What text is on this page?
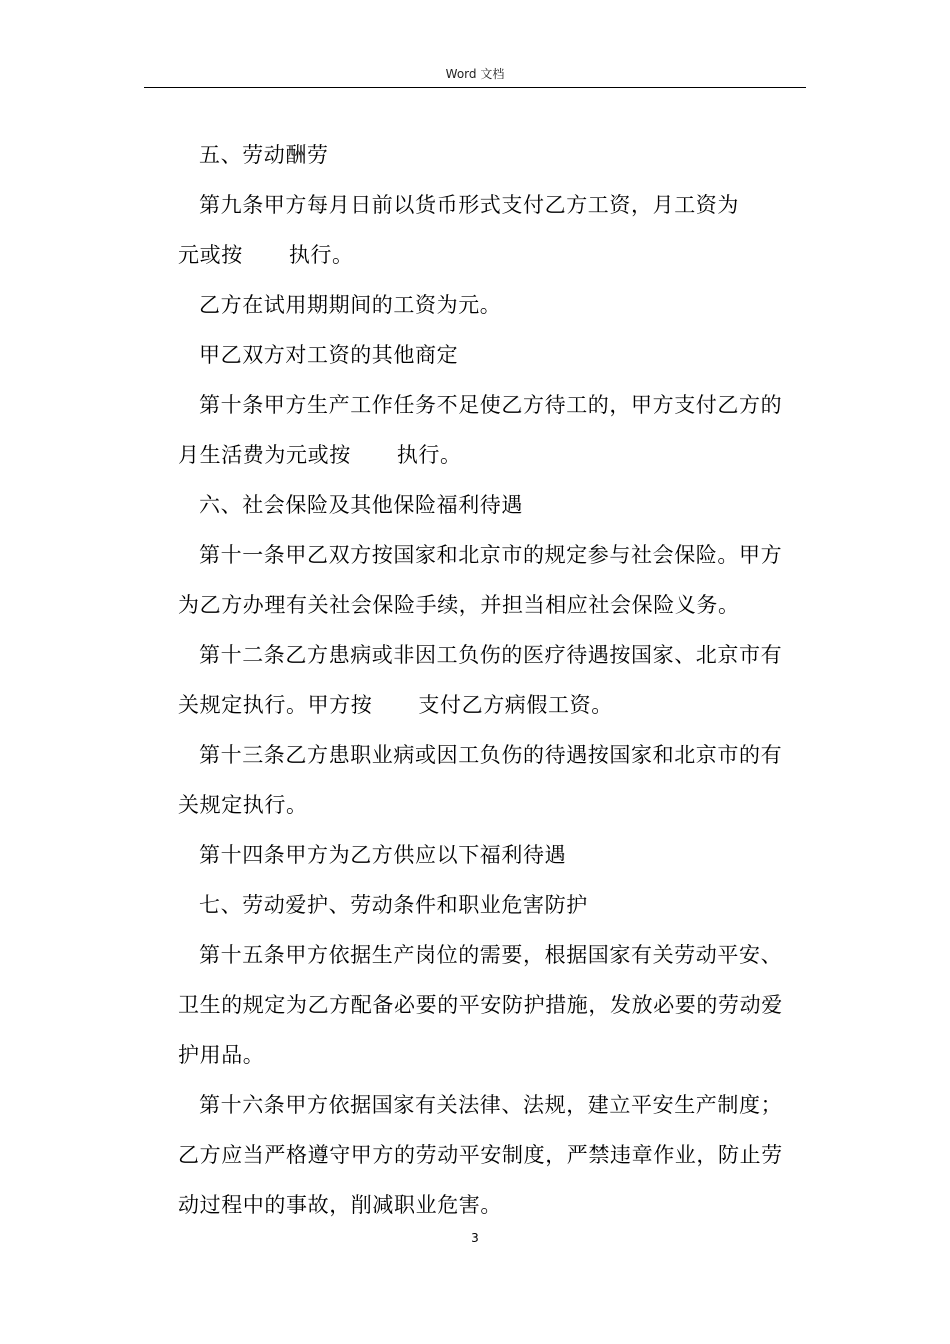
Word 文档

五、劳动酬劳

第九条甲方每月日前以货币形式支付乙方工资，月工资为

元或按 执行。

乙方在试用期期间的工资为元。

甲乙双方对工资的其他商定

第十条甲方生产工作任务不足使乙方待工的，甲方支付乙方的

月生活费为元或按 执行。

六、社会保险及其他保险福利待遇

第十一条甲乙双方按国家和北京市的规定参与社会保险。甲方

为乙方办理有关社会保险手续，并担当相应社会保险义务。

第十二条乙方患病或非因工负伤的医疗待遇按国家、北京市有

关规定执行。甲方按 支付乙方病假工资。

第十三条乙方患职业病或因工负伤的待遇按国家和北京市的有

关规定执行。

第十四条甲方为乙方供应以下福利待遇

七、劳动爱护、劳动条件和职业危害防护

第十五条甲方依据生产岗位的需要，根据国家有关劳动平安、

卫生的规定为乙方配备必要的平安防护措施，发放必要的劳动爱

护用品。

第十六条甲方依据国家有关法律、法规，建立平安生产制度；

乙方应当严格遵守甲方的劳动平安制度，严禁违章作业，防止劳

动过程中的事故，削减职业危害。

3
